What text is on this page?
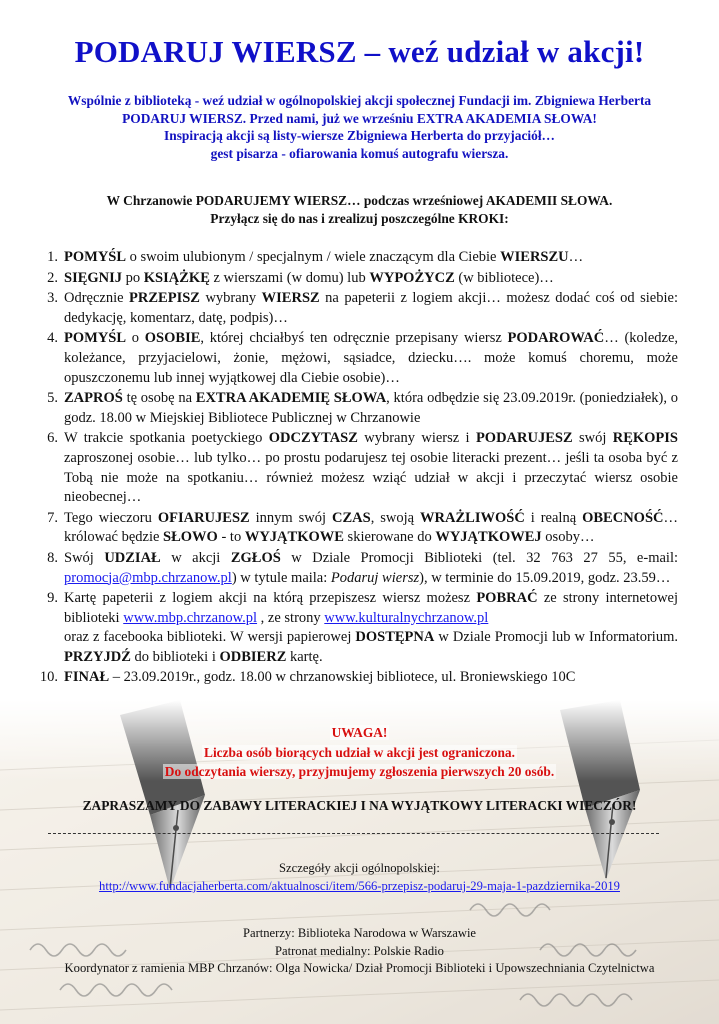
PODARUJ WIERSZ – weź udział w akcji!
Wspólnie z biblioteką - weź udział w ogólnopolskiej akcji społecznej Fundacji im. Zbigniewa Herberta
PODARUJ WIERSZ. Przed nami, już we wrześniu EXTRA AKADEMIA SŁOWA!
Inspiracją akcji są listy-wiersze Zbigniewa Herberta do przyjaciół…
gest pisarza - ofiarowania komuś autografu wiersza.
W Chrzanowie PODARUJEMY WIERSZ… podczas wrześniowej AKADEMII SŁOWA.
Przyłącz się do nas i zrealizuj poszczególne KROKI:
1. POMYŚL o swoim ulubionym / specjalnym / wiele znaczącym dla Ciebie WIERSZU…
2. SIĘGNIJ po KSIĄŻKĘ z wierszami (w domu) lub WYPOŻYCZ (w bibliotece)…
3. Odręcznie PRZEPISZ wybrany WIERSZ na papeterii z logiem akcji… możesz dodać coś od siebie: dedykację, komentarz, datę, podpis)…
4. POMYŚL o OSOBIE, której chciałbyś ten odręcznie przepisany wiersz PODAROWAĆ… (koledze, koleżance, przyjacielowi, żonie, mężowi, sąsiadce, dziecku…. może komuś choremu, może opuszczonemu lub innej wyjątkowej dla Ciebie osobie)…
5. ZAPROŚ tę osobę na EXTRA AKADEMIĘ SŁOWA, która odbędzie się 23.09.2019r. (poniedziałek), o godz. 18.00 w Miejskiej Bibliotece Publicznej w Chrzanowie
6. W trakcie spotkania poetyckiego ODCZYTASZ wybrany wiersz i PODARUJESZ swój RĘKOPIS zaproszonej osobie… lub tylko… po prostu podarujesz tej osobie literacki prezent… jeśli ta osoba być z Tobą nie może na spotkaniu… również możesz wziąć udział w akcji i przeczytać wiersz osobie nieobecnej…
7. Tego wieczoru OFIARUJESZ innym swój CZAS, swoją WRAŻLIWOŚĆ i realną OBECNOŚĆ… królować będzie SŁOWO - to WYJĄTKOWE skierowane do WYJĄTKOWEJ osoby…
8. Swój UDZIAŁ w akcji ZGŁOŚ w Dziale Promocji Biblioteki (tel. 32 763 27 55, e-mail: promocja@mbp.chrzanow.pl) w tytule maila: Podaruj wiersz), w terminie do 15.09.2019, godz. 23.59…
9. Kartę papeterii z logiem akcji na którą przepiszesz wiersz możesz POBRAĆ ze strony internetowej biblioteki www.mbp.chrzanow.pl , ze strony www.kulturalnychrzanow.pl
oraz z facebooka biblioteki. W wersji papierowej DOSTĘPNA w Dziale Promocji lub w Informatorium. PRZYJDŹ do biblioteki i ODBIERZ kartę.
10. FINAŁ – 23.09.2019r., godz. 18.00 w chrzanowskiej bibliotece, ul. Broniewskiego 10C
UWAGA!
Liczba osób biorących udział w akcji jest ograniczona.
Do odczytania wierszy, przyjmujemy zgłoszenia pierwszych 20 osób.
ZAPRASZAMY DO ZABAWY LITERACKIEJ I NA WYJĄTKOWY LITERACKI WIECZÓR!
Szczegóły akcji ogólnopolskiej:
http://www.fundacjaherberta.com/aktualnosci/item/566-przepisz-podaruj-29-maja-1-pazdziernika-2019
Partnerzy: Biblioteka Narodowa w Warszawie
Patronat medialny: Polskie Radio
Koordynator z ramienia MBP Chrzanów: Olga Nowicka/ Dział Promocji Biblioteki i Upowszechniania Czytelnictwa
